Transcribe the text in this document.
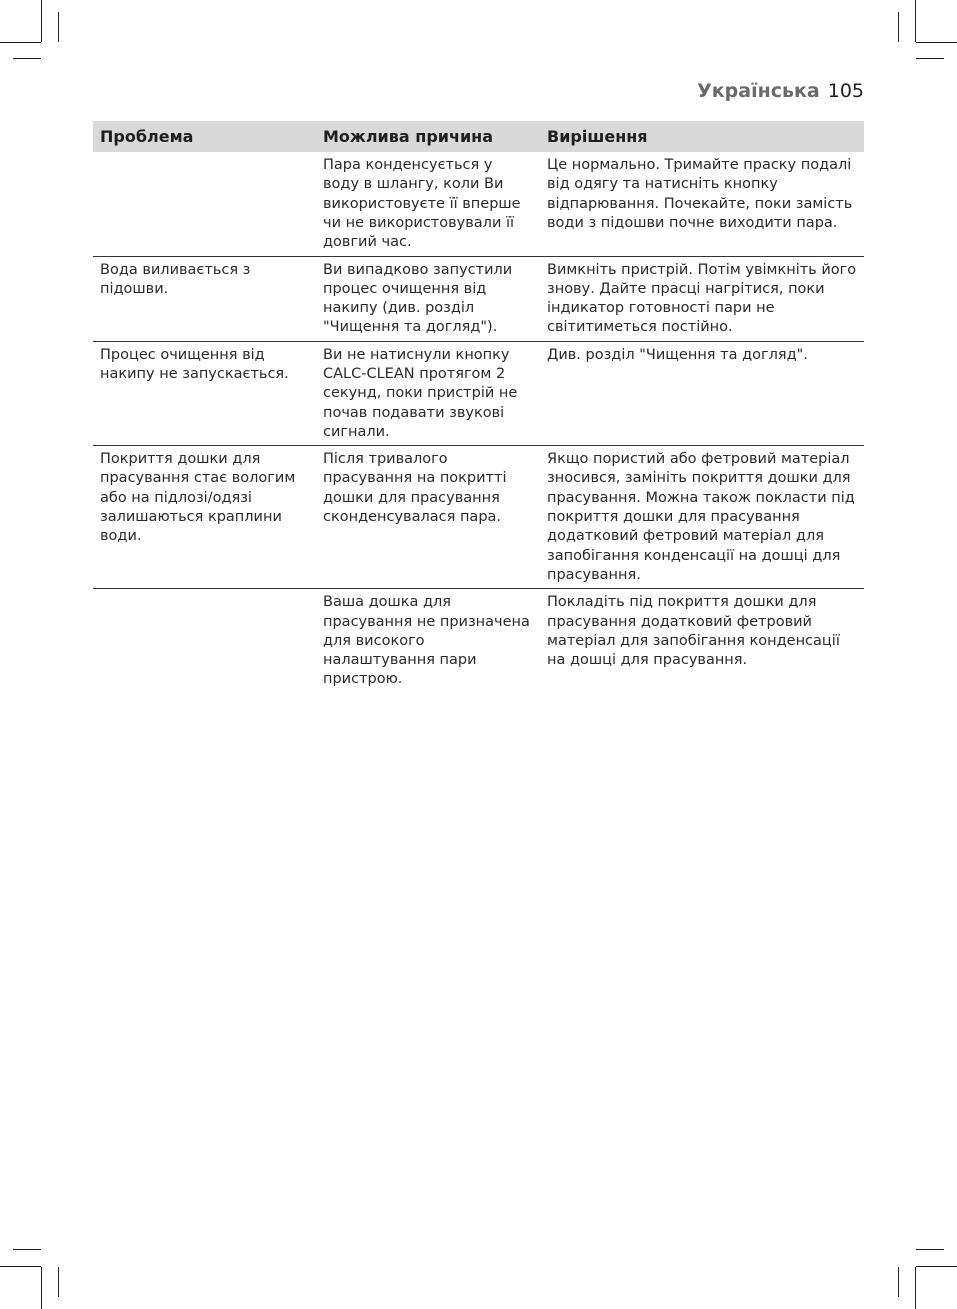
Українська 105
Проблема	Можлива причина	Вирішення
	Пара конденсується у воду в шлангу, коли Ви використовуєте її вперше чи не використовували її довгий час.	Це нормально. Тримайте праску подалі від одягу та натисніть кнопку відпарювання. Почекайте, поки замість води з підошви почне виходити пара.
Вода виливається з підошви.	Ви випадково запустили процес очищення від накипу (див. розділ "Чищення та догляд").	Вимкніть пристрій. Потім увімкніть його знову. Дайте прасці нагрітися, поки індикатор готовності пари не світитиметься постійно.
Процес очищення від накипу не запускається.	Ви не натиснули кнопку CALC-CLEAN протягом 2 секунд, поки пристрій не почав подавати звукові сигнали.	Див. розділ "Чищення та догляд".
Покриття дошки для прасування стає вологим або на підлозі/одязі залишаються краплини води.	Після тривалого прасування на покритті дошки для прасування сконденсувалася пара.	Якщо пористий або фетровий матеріал зносився, замініть покриття дошки для прасування. Можна також покласти під покриття дошки для прасування додатковий фетровий матеріал для запобігання конденсації на дошці для прасування.
	Ваша дошка для прасування не призначена для високого налаштування пари пристрою.	Покладіть під покриття дошки для прасування додатковий фетровий матеріал для запобігання конденсації на дошці для прасування.
